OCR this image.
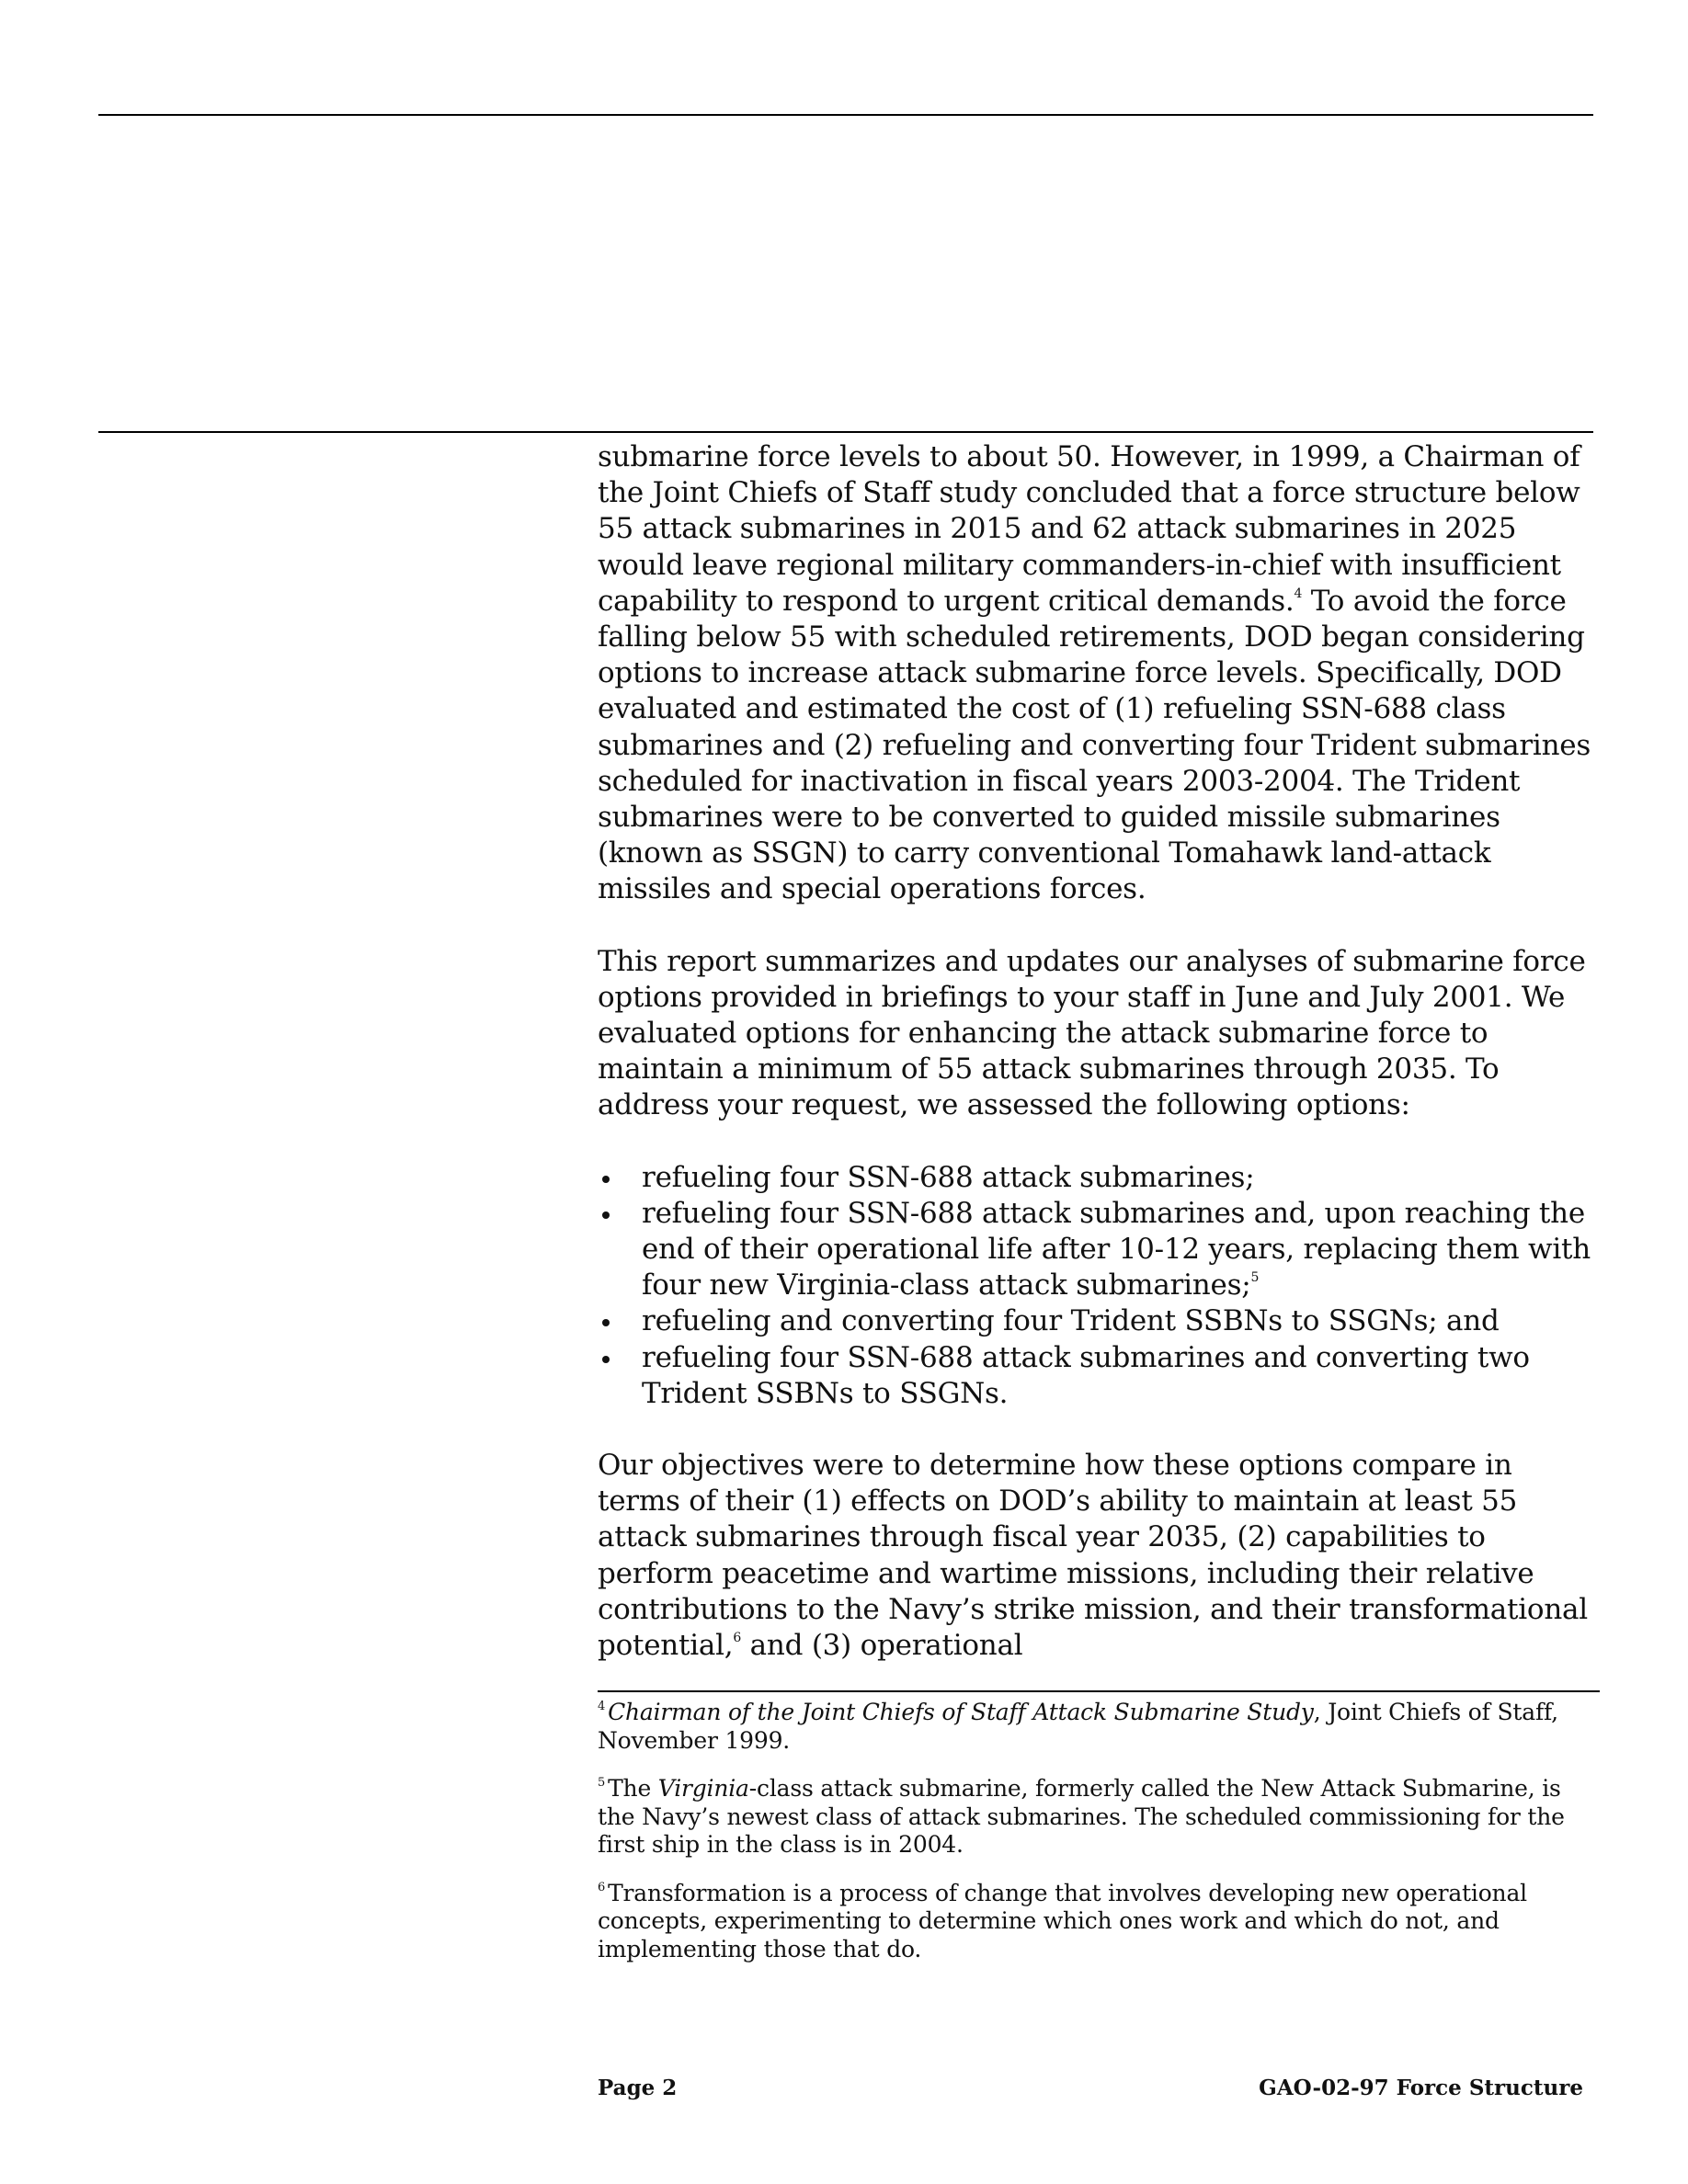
submarine force levels to about 50. However, in 1999, a Chairman of the Joint Chiefs of Staff study concluded that a force structure below 55 attack submarines in 2015 and 62 attack submarines in 2025 would leave regional military commanders-in-chief with insufficient capability to respond to urgent critical demands.$^4$ To avoid the force falling below 55 with scheduled retirements, DOD began considering options to increase attack submarine force levels. Specifically, DOD evaluated and estimated the cost of (1) refueling SSN-688 class submarines and (2) refueling and converting four Trident submarines scheduled for inactivation in fiscal years 2003-2004. The Trident submarines were to be converted to guided missile submarines (known as SSGN) to carry conventional Tomahawk land-attack missiles and special operations forces.

This report summarizes and updates our analyses of submarine force options provided in briefings to your staff in June and July 2001. We evaluated options for enhancing the attack submarine force to maintain a minimum of 55 attack submarines through 2035. To address your request, we assessed the following options:

refueling four SSN-688 attack submarines;
refueling four SSN-688 attack submarines and, upon reaching the end of their operational life after 10-12 years, replacing them with four new Virginia-class attack submarines;$^5$
refueling and converting four Trident SSBNs to SSGNs; and
refueling four SSN-688 attack submarines and converting two Trident SSBNs to SSGNs.

Our objectives were to determine how these options compare in terms of their (1) effects on DOD’s ability to maintain at least 55 attack submarines through fiscal year 2035, (2) capabilities to perform peacetime and wartime missions, including their relative contributions to the Navy’s strike mission, and their transformational potential,$^6$ and (3) operational

$^4$ Chairman of the Joint Chiefs of Staff Attack Submarine Study, Joint Chiefs of Staff, November 1999.

$^5$ The Virginia-class attack submarine, formerly called the New Attack Submarine, is the Navy’s newest class of attack submarines. The scheduled commissioning for the first ship in the class is in 2004.

$^6$ Transformation is a process of change that involves developing new operational concepts, experimenting to determine which ones work and which do not, and implementing those that do.

Page 2	GAO-02-97 Force Structure
